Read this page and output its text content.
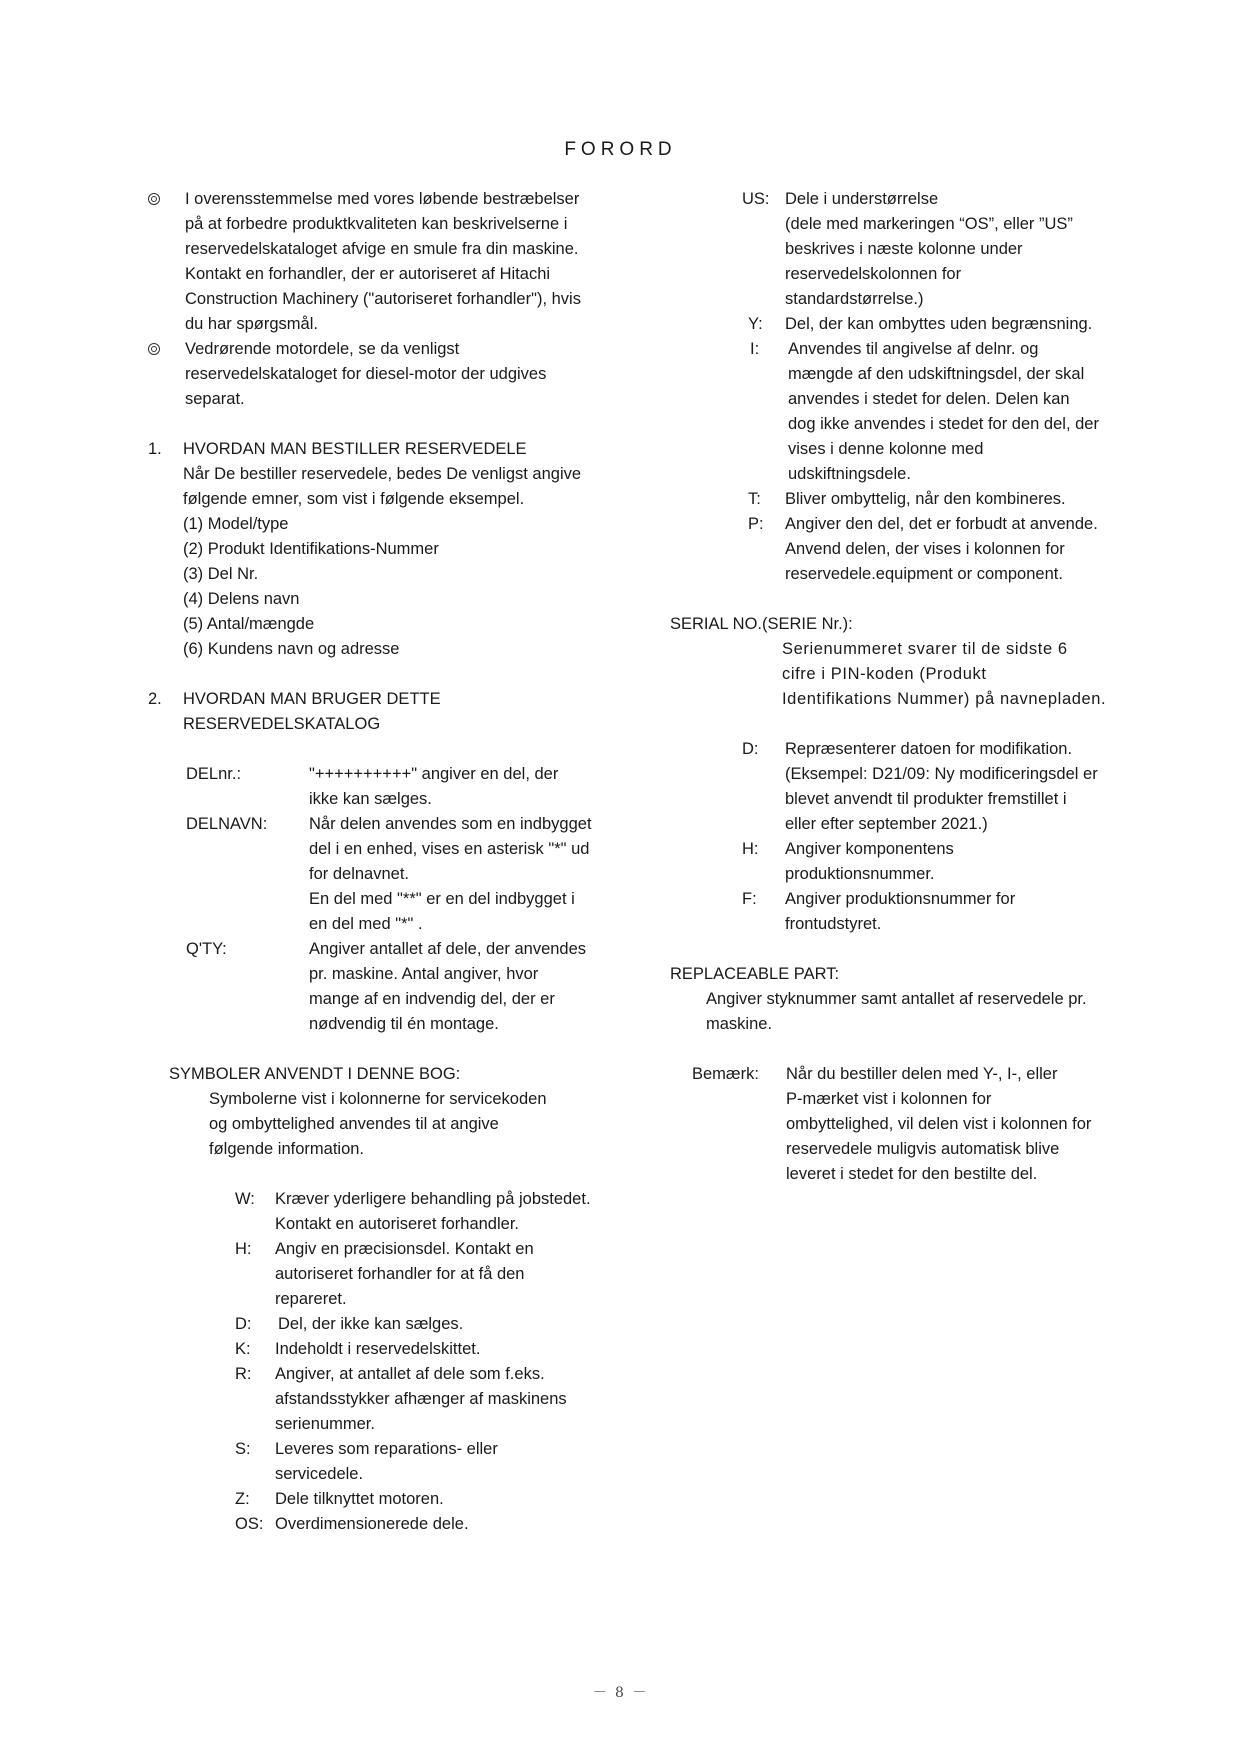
FORORD
I overensstemmelse med vores løbende bestræbelser
på at forbedre produktkvaliteten kan beskrivelserne i
reservedelskataloget afvige en smule fra din maskine.
Kontakt en forhandler, der er autoriseret af Hitachi
Construction Machinery ("autoriseret forhandler"), hvis
du har spørgsmål.
Vedrørende motordele, se da venligst
reservedelskataloget for diesel-motor der udgives
separat.
1. HVORDAN MAN BESTILLER RESERVEDELE
Når De bestiller reservedele, bedes De venligst angive
følgende emner, som vist i følgende eksempel.
(1) Model/type
(2) Produkt Identifikations-Nummer
(3) Del Nr.
(4) Delens navn
(5) Antal/mængde
(6) Kundens navn og adresse
2. HVORDAN MAN BRUGER DETTE
RESERVEDELSKATALOG
DELnr.:	"++++++++++" angiver en del, der
ikke kan sælges.
DELNAVN:	Når delen anvendes som en indbygget
del i en enhed, vises en asterisk "*" ud
for delnavnet.
En del med "**" er en del indbygget i
en del med "*" .
Q'TY:	Angiver antallet af dele, der anvendes
pr. maskine. Antal angiver, hvor
mange af en indvendig del, der er
nødvendig til én montage.
SYMBOLER ANVENDT I DENNE BOG:
Symbolerne vist i kolonnerne for servicekoden
og ombyttelighed anvendes til at angive
følgende information.
W: Kræver yderligere behandling på jobstedet.
Kontakt en autoriseret forhandler.
H: Angiv en præcisionsdel. Kontakt en
autoriseret forhandler for at få den
repareret.
D: Del, der ikke kan sælges.
K: Indeholdt i reservedelskittet.
R: Angiver, at antallet af dele som f.eks.
afstandsstykker afhænger af maskinens
serienummer.
S: Leveres som reparations- eller
servicedele.
Z: Dele tilknyttet motoren.
OS: Overdimensionerede dele.
US: Dele i understørrelse
(dele med markeringen “OS”, eller ”US”
beskrives i næste kolonne under
reservedelskolonnen for
standardstørrelse.)
Y: Del, der kan ombyttes uden begrænsning.
I: Anvendes til angivelse af delnr. og
mængde af den udskiftningsdel, der skal
anvendes i stedet for delen. Delen kan
dog ikke anvendes i stedet for den del, der
vises i denne kolonne med
udskiftningsdele.
T: Bliver ombyttelig, når den kombineres.
P: Angiver den del, det er forbudt at anvende.
Anvend delen, der vises i kolonnen for
reservedele.equipment or component.
SERIAL NO.(SERIE Nr.):
Serienummeret svarer til de sidste 6
cifre i PIN-koden (Produkt
Identifikations Nummer) på navnepladen.
D: Repræsenterer datoen for modifikation.
(Eksempel: D21/09: Ny modificeringsdel er
blevet anvendt til produkter fremstillet i
eller efter september 2021.)
H: Angiver komponentens
produktionsnummer.
F: Angiver produktionsnummer for
frontudstyret.
REPLACEABLE PART:
Angiver styknummer samt antallet af reservedele pr.
maskine.
Bemærk: Når du bestiller delen med Y-, I-, eller
P-mærket vist i kolonnen for
ombyttelighed, vil delen vist i kolonnen for
reservedele muligvis automatisk blive
leveret i stedet for den bestilte del.
－ 8 －
